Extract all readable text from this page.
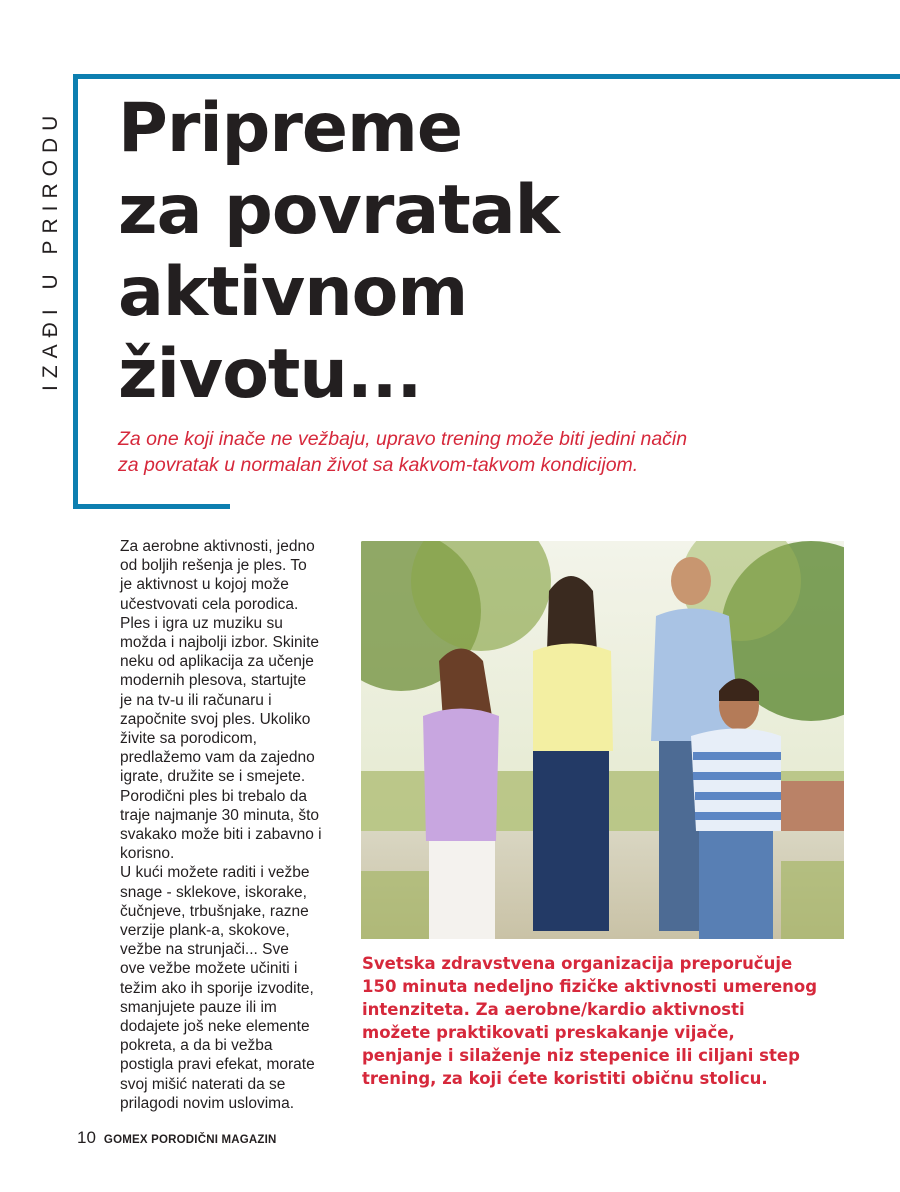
IZAĐI U PRIRODU Pripreme
za povratak
aktivnom
životu...

Za one koji inače ne vežbaju, upravo trening može biti jedini način
za povratak u normalan život sa kakvom-takvom kondicijom.

Za aerobne aktivnosti, jedno
od boljih rešenja je ples. To
je aktivnost u kojoj može
učestvovati cela porodica.
Ples i igra uz muziku su
možda i najbolji izbor. Skinite
neku od aplikacija za učenje
modernih plesova, startujte
je na tv-u ili računaru i
započnite svoj ples. Ukoliko
živite sa porodicom,
predlažemo vam da zajedno
igrate, družite se i smejete.
Porodični ples bi trebalo da
traje najmanje 30 minuta, što
svakako može biti i zabavno i
korisno.
U kući možete raditi i vežbe
snage - sklekove, iskorake,
čučnjeve, trbušnjake, razne
verzije plank-a, skokove,
vežbe na strunjači... Sve
ove vežbe možete učiniti i
težim ako ih sporije izvodite,
smanjujete pauze ili im
dodajete još neke elemente
pokreta, a da bi vežba
postigla pravi efekat, morate
svoj mišić naterati da se
prilagodi novim uslovima.
Svetska zdravstvena organizacija preporučuje
150 minuta nedeljno fizičke aktivnosti umerenog
intenziteta. Za aerobne/kardio aktivnosti
možete praktikovati preskakanje vijače,
penjanje i silaženje niz stepenice ili ciljani step
trening, za koji ćete koristiti običnu stolicu.
10 GOMEX PORODIČNI MAGAZIN
